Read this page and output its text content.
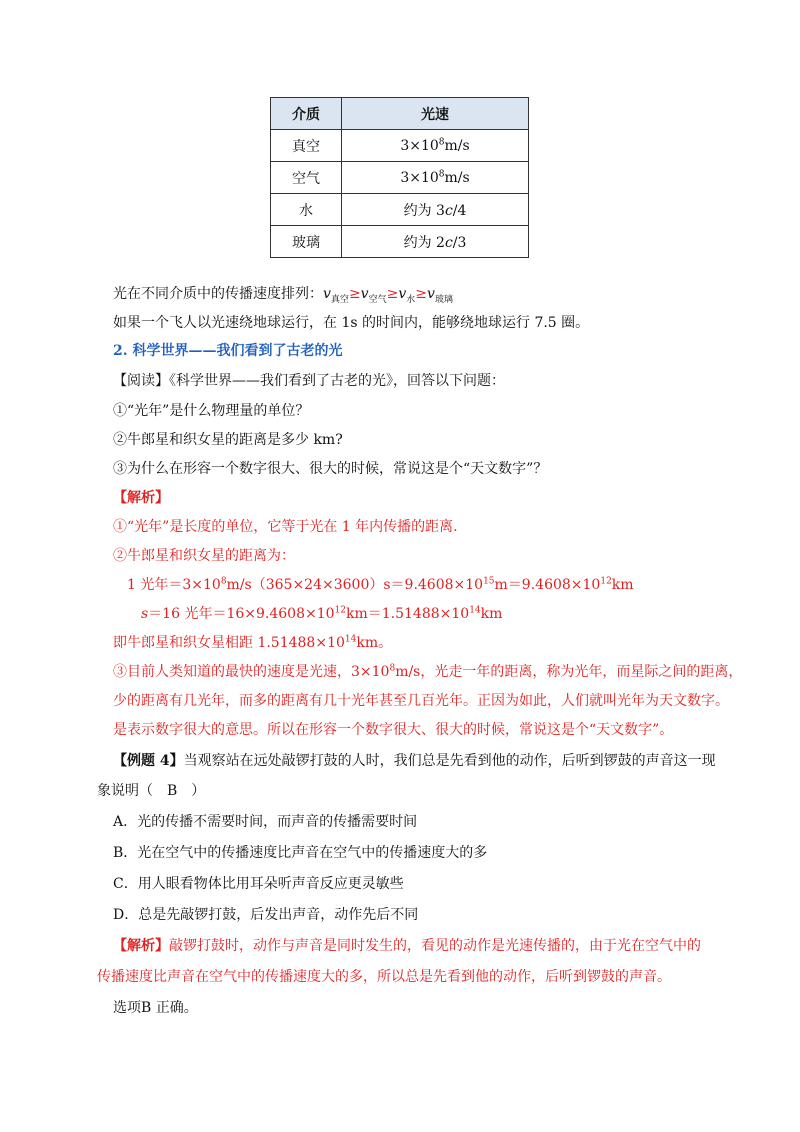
介质	光速
真空	$3\times 10^8m/s$
空气	$3\times 10^8m/s$
水	约为 3c/4
玻璃	约为 2c/3
光在不同介质中的传播速度排列：$v_{真空}\ge v_{空气}\ge v_水\ge v_{玻璃}$
如果一个飞人以光速绕地球运行，在 1s 的时间内，能够绕地球运行 7.5 圈。
2. 科学世界——我们看到了古老的光
【阅读】《科学世界——我们看到了古老的光》，回答以下问题：
①“光年”是什么物理量的单位？
②牛郎星和织女星的距离是多少 km?
③为什么在形容一个数字很大、很大的时候，常说这是个“天文数字”？
【解析】
①“光年”是长度的单位，它等于光在 1 年内传播的距离.
②牛郎星和织女星的距离为：
1 光年$=3\times 10^8m/s(365\times 24\times 3600)s=9.4608\times 10^{15}m=9.4608\times 10^{12}km$
s＝16 光年$=16\times 9.4608\times 10^{12}km=1.51488\times 10^{14}km$
即牛郎星和织女星相距 $1.51488\times 10^{14}km$。
③目前人类知道的最快的速度是光速，$3\times 10^8m/s$，光走一年的距离，称为光年，而星际之间的距离，
少的距离有几光年，而多的距离有几十光年甚至几百光年。正因为如此，人们就叫光年为天文数字。
是表示数字很大的意思。所以在形容一个数字很大、很大的时候，常说这是个“天文数字”。
【例题 4】当观察站在远处敲锣打鼓的人时，我们总是先看到他的动作，后听到锣鼓的声音这一现
象说明（　B　）
A．光的传播不需要时间，而声音的传播需要时间
B．光在空气中的传播速度比声音在空气中的传播速度大的多
C．用人眼看物体比用耳朵听声音反应更灵敏些
D．总是先敲锣打鼓，后发出声音，动作先后不同
【解析】敲锣打鼓时，动作与声音是同时发生的，看见的动作是光速传播的，由于光在空气中的
传播速度比声音在空气中的传播速度大的多，所以总是先看到他的动作，后听到锣鼓的声音。
选项B 正确。
